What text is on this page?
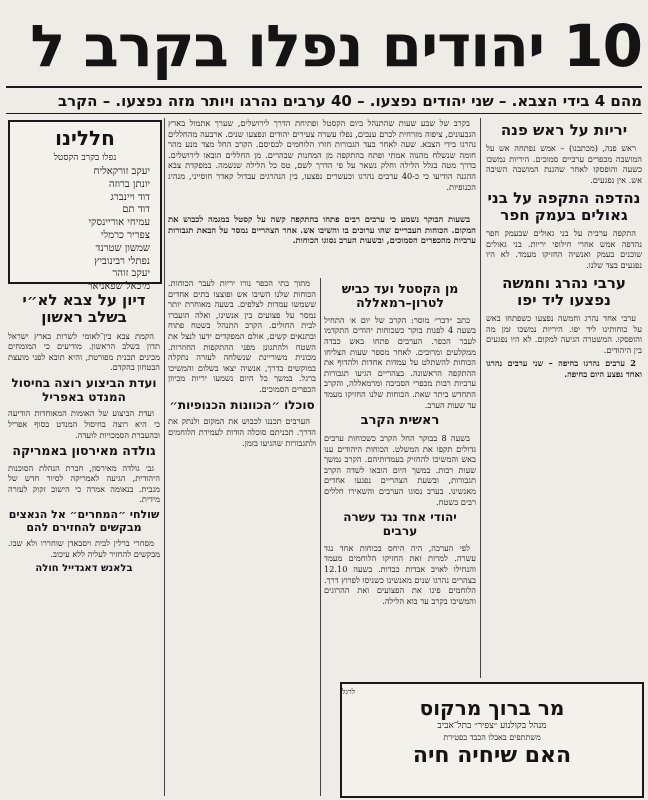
10 יהודים נפלו בקרב ל
מהם 4 בידי הצבא. – שני יהודים נפצעו. – 40 ערבים נהרגו ויותר מזה נפצעו. – הקרב

בקרב של שבע שעות שהתנהל ביום הקסטל ופתיחת הדרך לירושלים, שערך אתמול בארץ הגבעונים, ציפוה מזרחית לכרם ענבים, נפלו עשרה צעירים יהודים ונפצעו שנים. ארבעה מהחללים נהרגו בידי הצבא. שעה לאחר בעד הגבורות חזרו הלוחמים לבסיסם. הקרב החל מצד מנע מהר חומה שנשלח מהנוה אמתי ופתח בהתקפה מן המחנות שבהרים. מן החללים הובאו לירושלים. בדרך מטה בגלל הלילה וחלק נשאר על פי הדרך לשם, טס כל הלילה שנשמה. במפקדת צבא ההגנה הודיעו כי כ-40 ערבים נהרגו וכעשרים נפצעו, בין הנהרגים עבדול קאדר חוסייני, מנהיג הכנופיות.

בשעות הבוקר נשמע כי ערבים רבים פתחו בהתקפה קשה על קסטל במגמה לכבוש את המקום. הכוחות העבריים שהו ערוכים בו והשיבו אש. אחר הצהריים נמסר על הבאת תגבורות ערביות מהכפרים הסמוכים, ובשעות הערב נסוגו הכוחות.

מן הקסטל ועד כביש לטרון–רמאללה

כתב ״דבר״ מוסר: הקרב של יום א׳ התחיל בשעה 4 לפנות בוקר כשכוחות יהודים התקדמו לעבר הכפר. הערבים פתחו באש כבדה ממקלעים ומרובים. לאחר מספר שעות הצליחו הכוחות להשתלט על עמדות אחדות ולהדוף את ההתקפה הראשונה. בצהריים הגיעו תגבורות ערביות רבות מכפרי הסביבה ומרמאללה, והקרב התחדש ביתר שאת. הכוחות שלנו החזיקו מעמד עד שעות הערב.

ראשית הקרב

בשעה 8 בבוקר החל הקרב כשכוחות ערבים גדולים תקפו את המשלט. הכוחות היהודים ענו באש והמשיכו להחזיק בעמדותיהם. הקרב נמשך שעות רבות. במשך היום הובאו לשדה הקרב תגבורות, ובשעת הצהריים נפגעו אחדים מאנשינו. בערב נסוגו הערבים והשאירו חללים רבים בשטח.

יהודי אחד נגד עשרה ערבים

לפי הערכה, היה היחס בכוחות אחד נגד עשרה. למרות זאת החזיקו הלוחמים מעמד והנחילו לאויב אבדות כבדות. בשעה 12.10 בצהרים נהרגו שנים מאנשינו כשניסו לפרוץ דרך. הלוחמים פינו את הפצועים ואת ההרוגים והמשיכו בקרב עד בוא הלילה.

מתוך בתי הכפר נורו יריות לעבר הכוחות. הכוחות שלנו השיבו אש ופוצצו בתים אחדים ששמשו עמדות לצלפים. בשעה מאוחרת יותר נמסר על פצועים בין אנשינו, ואלה הועברו לבית החולים. הקרב התנהל בשטח פתוח ובתנאים קשים, אולם המפקדים ידעו לנצל את השטח ולהתגונן מפני ההתקפות החוזרות. מכונית משוריינת שנשלחה לעזרה נתקלה במוקשים בדרך, אנשיה יצאו בשלום והמשיכו ברגל. במשך כל היום נשמעו יריות מכיוון הכפרים הסמוכים.

סוכלו ״הכוונות הכנופיות״

הערבים תכננו לכבוש את המקום ולנתק את הדרך. תכניתם סוכלה הודות לעמידת הלוחמים ולתגבורות שהגיעו בזמן.

יריות על ראש פנה

ראש פנה, (מכתבנו) – אמש נפתחה אש על המושבה מכפרים ערביים סמוכים. היריות נמשכו כשעה והופסקו לאחר שהגנת המושבה השיבה אש. אין נפגעים.

נהדפה התקפה על בני גאולים בעמק חפר

התקפה ערבית על בני גאולים שבעמק חפר נהדפה אמש אחרי חילופי יריות. בני גאולים שוכנים בעמק ואנשיה החזיקו מעמד. לא היו נפגעים בצד שלנו.

ערבי נהרג וחמשה נפצעו ליד יפו

ערבי אחד נהרג וחמשה נפצעו כשפתחו באש על כוחותינו ליד יפו. היריות נמשכו זמן מה והופסקו. המשטרה הגיעה למקום. לא היו נפגעים בין היהודים.

2 ערבים נהרגו בחיפה – שני ערבים נהרגו ואחד נפצע היום בחיפה.

חללינו
נפלו בקרב הקסטל
יעקב זורקאליח
יונתן ברוזה
דוד ויינברג
דוד תם
עמיחי אוריינסקי
צפריר כרמלי
שמשון שטרנד
נפתלי רבינוביץ
יעקב זוהר
מיכאל שפאניאר
דיון על צבא לא״י בשלב ראשון

הקמת צבא בין־לאומי לשרות בארץ ישראל תדון בשלב הראשון. מודיעים כי המומחים מכינים תכנית מפורטת, והיא תובא לפני מועצת הבטחון בהקדם.

ועדת הביצוע רוצה בחיסול המנדט באפריל

ועדת הביצוע של האומות המאוחדות הודיעה כי היא רוצה בחיסול המנדט בסוף אפריל ובהעברת הסמכויות לועדה.

גולדה מאירסון באמריקה

גב׳ גולדה מאירסון, חברת הנהלת הסוכנות היהודית, הגיעה לאמריקה לסיור חדש של מגבית. בנאומה אמרה כי הישוב זקוק לעזרה מידית.

שולחי ״המחרים״ אל הנאצים מבקשים להחזירם להם

מסחרי ברלין לבית ויסבאדן שוחררו ולא שבו. מבקשים להחזיר לעליה ללא עיכוב.

בלאנש דאגדייל חולה
לרגל
מר ברוך מרקוס
מנהל בקולנוע ״צפיר״ בתל־אביב
משתתפים באבלו הכבד בפטירת
האם שיחיה חיה
